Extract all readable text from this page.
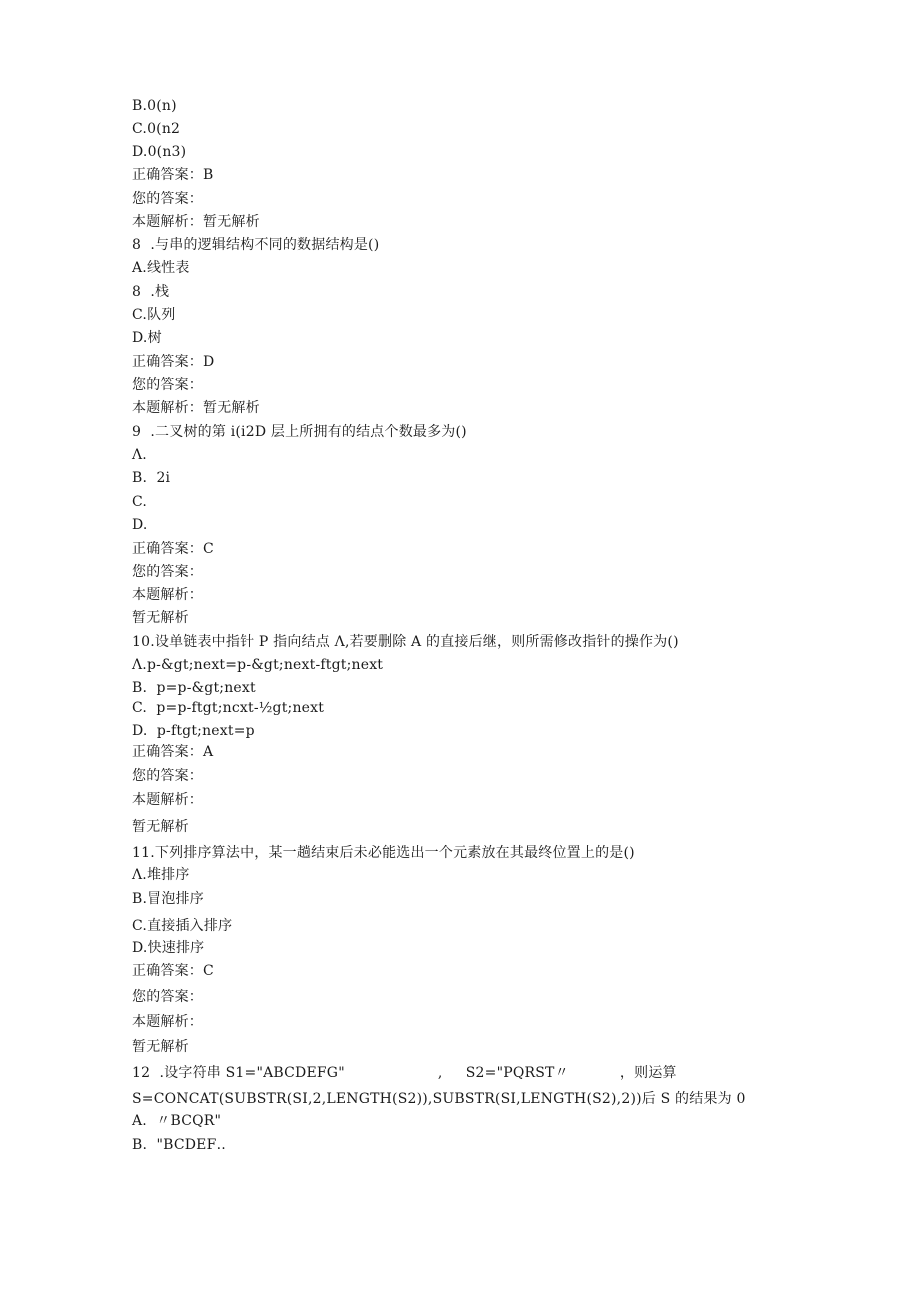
B.0(n)
C.0(n2
D.0(n3)
正确答案：B
您的答案：
本题解析：暂无解析
8  .与串的逻辑结构不同的数据结构是()
A.线性表
8  .栈
C.队列
D.树
正确答案：D
您的答案：
本题解析：暂无解析
9  .二叉树的第 i(i2D 层上所拥有的结点个数最多为()
Λ.
B.  2i
C.
D.
正确答案：C
您的答案：
本题解析：
暂无解析
10.设单链表中指针 P 指向结点 Λ,若要删除 A 的直接后继，则所需修改指针的操作为()
Λ.p-&gt;next=p-&gt;next-ftgt;next
B.  p=p-&gt;next
C.  p=p-ftgt;ncxt-½gt;next
D.  p-ftgt;next=p
正确答案：A
您的答案：
本题解析：
暂无解析
11.下列排序算法中，某一趟结束后未必能选出一个元素放在其最终位置上的是()
Λ.堆排序
B.冒泡排序
C.直接插入排序
D.快速排序
正确答案：C
您的答案：
本题解析：
暂无解析
12  .设字符串 S1="ABCDEFG"                    ,     S2="PQRST〃           ，则运算
S=CONCAT(SUBSTR(SI,2,LENGTH(S2)),SUBSTR(SI,LENGTH(S2),2))后 S 的结果为 0
A.  〃BCQR"
B.  "BCDEF‥
